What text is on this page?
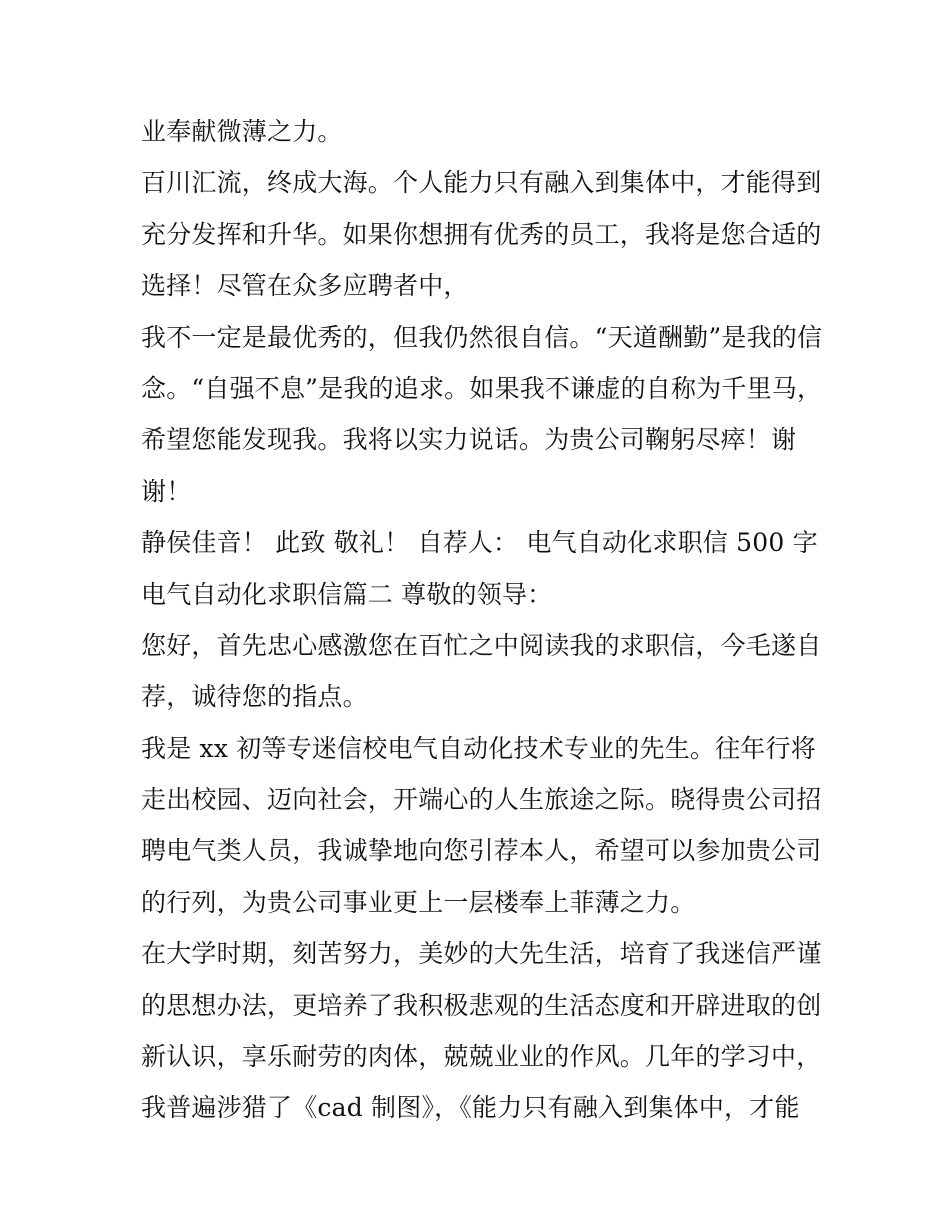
业奉献微薄之力。
百川汇流，终成大海。个人能力只有融入到集体中，才能得到
充分发挥和升华。如果你想拥有优秀的员工，我将是您合适的
选择！尽管在众多应聘者中，
我不一定是最优秀的，但我仍然很自信。“天道酬勤”是我的信
念。“自强不息”是我的追求。如果我不谦虚的自称为千里马，
希望您能发现我。我将以实力说话。为贵公司鞠躬尽瘁！谢
谢！
静侯佳音！ 此致 敬礼！ 自荐人： 电气自动化求职信 500 字
电气自动化求职信篇二 尊敬的领导：
您好，首先忠心感激您在百忙之中阅读我的求职信，今毛遂自
荐，诚待您的指点。
我是 xx 初等专迷信校电气自动化技术专业的先生。往年行将
走出校园、迈向社会，开端心的人生旅途之际。晓得贵公司招
聘电气类人员，我诚挚地向您引荐本人，希望可以参加贵公司
的行列，为贵公司事业更上一层楼奉上菲薄之力。
在大学时期，刻苦努力，美妙的大先生活，培育了我迷信严谨
的思想办法，更培养了我积极悲观的生活态度和开辟进取的创
新认识，享乐耐劳的肉体，兢兢业业的作风。几年的学习中，
我普遍涉猎了《cad 制图》，《能力只有融入到集体中，才能
